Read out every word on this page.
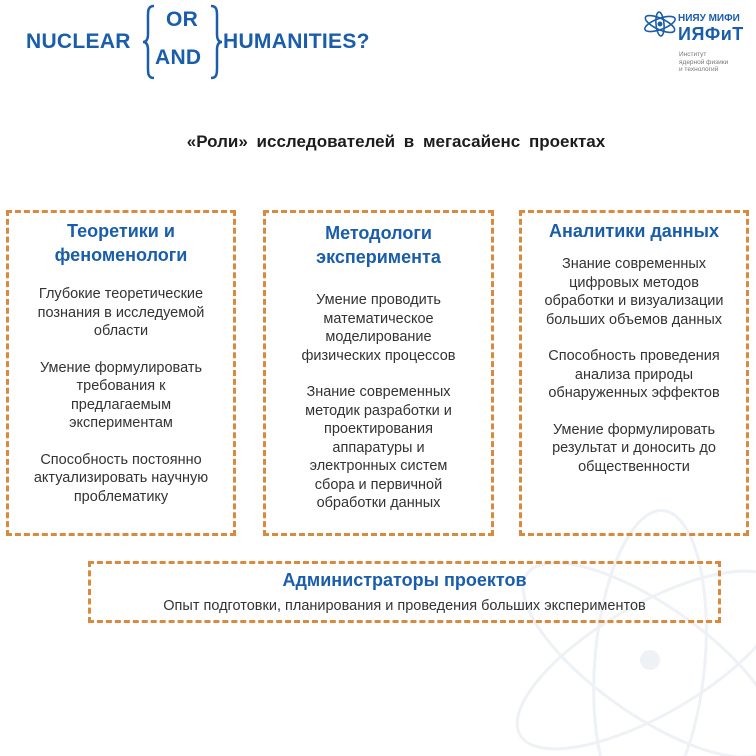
NUCLEAR
OR
AND
HUMANITIES?
НИЯУ МИФИ
ИЯФиТ
Институт
ядерной физики
и технологий
«Роли» исследователей в мегасайенс проектах
Теоретики и
феноменологи
Глубокие теоретические познания в исследуемой области
Умение формулировать требования к предлагаемым экспериментам
Способность постоянно актуализировать научную проблематику
Методологи
эксперимента
Умение проводить математическое моделирование физических процессов
Знание современных методик разработки и проектирования аппаратуры и электронных систем сбора и первичной обработки данных
Аналитики данных
Знание современных цифровых методов обработки и визуализации больших объемов данных
Способность проведения анализа природы обнаруженных эффектов
Умение формулировать результат и доносить до общественности
Администраторы проектов
Опыт подготовки, планирования и проведения больших экспериментов
